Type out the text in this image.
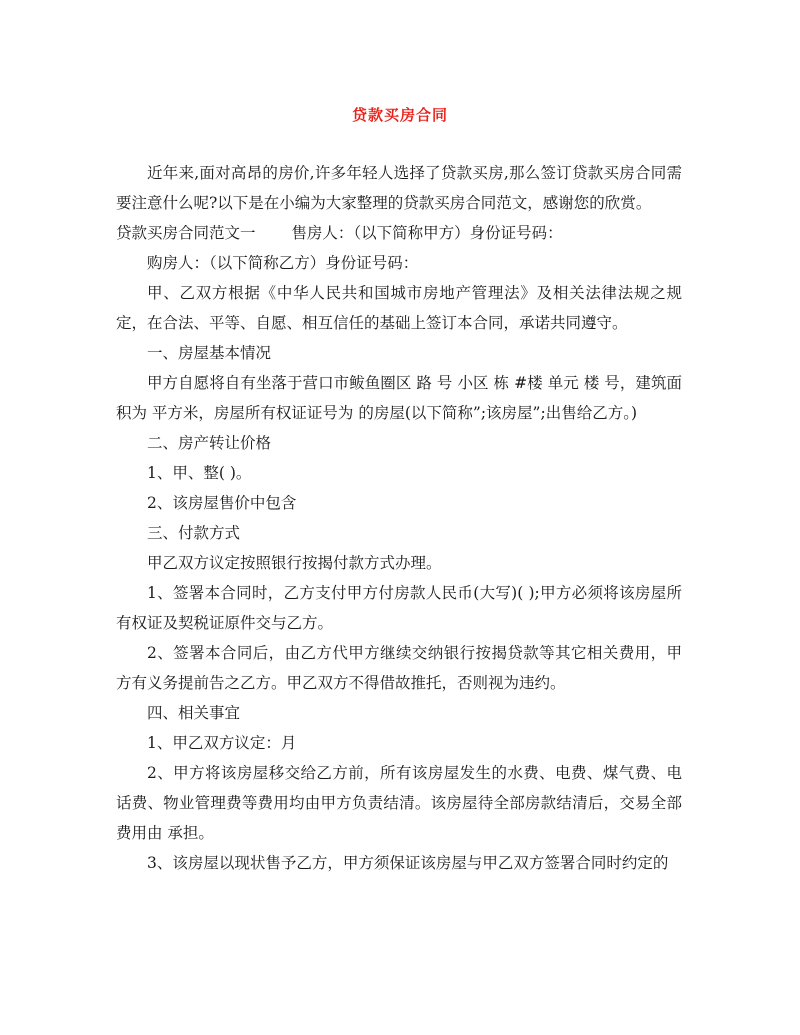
贷款买房合同

近年来,面对高昂的房价,许多年轻人选择了贷款买房,那么签订贷款买房合同需要注意什么呢?以下是在小编为大家整理的贷款买房合同范文，感谢您的欣赏。

贷款买房合同范文一 　　售房人：（以下简称甲方）身份证号码：

购房人：（以下简称乙方）身份证号码：

甲、乙双方根据《中华人民共和国城市房地产管理法》及相关法律法规之规定，在合法、平等、自愿、相互信任的基础上签订本合同，承诺共同遵守。

一、房屋基本情况

甲方自愿将自有坐落于营口市鲅鱼圈区 路 号 小区 栋 #楼 单元 楼 号，建筑面积为 平方米，房屋所有权证证号为 的房屋(以下简称”;该房屋”;出售给乙方。)

二、房产转让价格

1、甲、整( )。

2、该房屋售价中包含

三、付款方式

甲乙双方议定按照银行按揭付款方式办理。

1、签署本合同时，乙方支付甲方付房款人民币(大写)( );甲方必须将该房屋所有权证及契税证原件交与乙方。

2、签署本合同后，由乙方代甲方继续交纳银行按揭贷款等其它相关费用，甲方有义务提前告之乙方。甲乙双方不得借故推托，否则视为违约。

四、相关事宜

1、甲乙双方议定：月

2、甲方将该房屋移交给乙方前，所有该房屋发生的水费、电费、煤气费、电话费、物业管理费等费用均由甲方负责结清。该房屋待全部房款结清后，交易全部费用由 承担。

3、该房屋以现状售予乙方，甲方须保证该房屋与甲乙双方签署合同时约定的
